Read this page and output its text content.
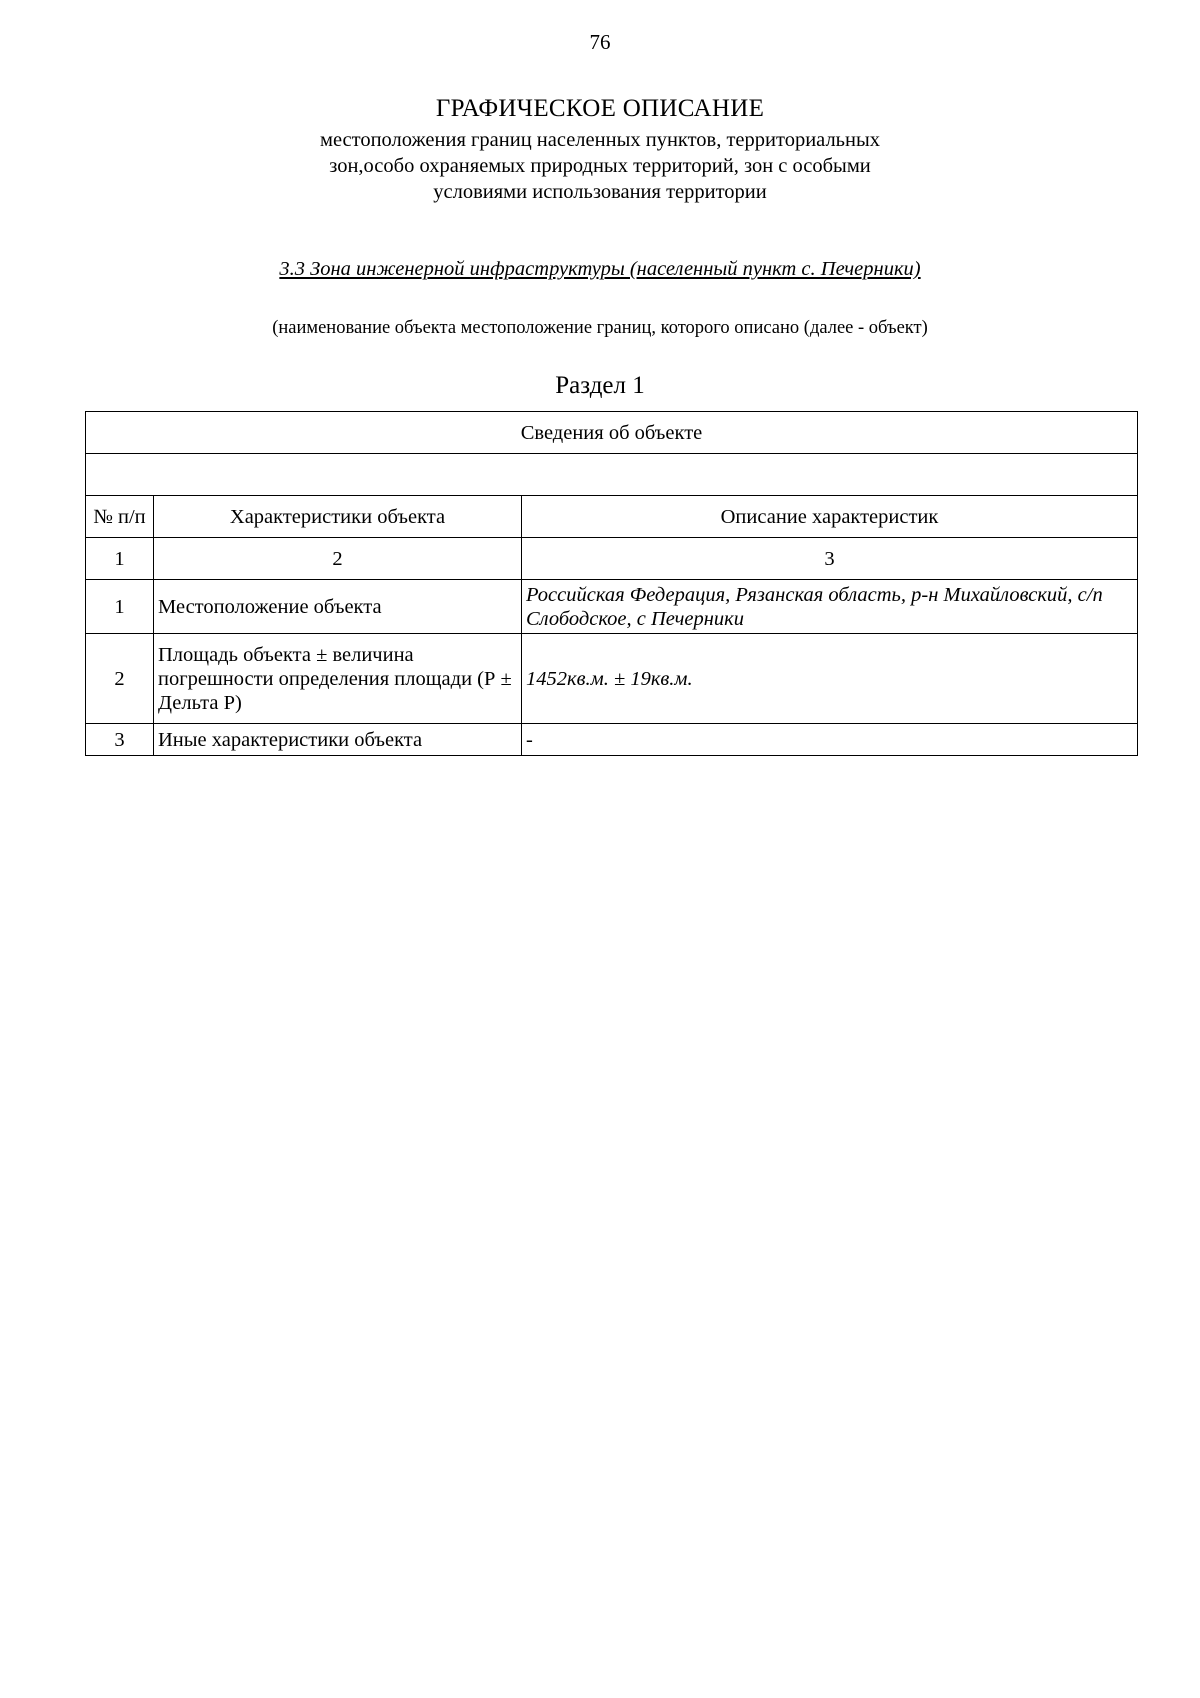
76
ГРАФИЧЕСКОЕ ОПИСАНИЕ
местоположения границ населенных пунктов, территориальных зон,особо охраняемых природных территорий, зон с особыми условиями использования территории
3.3 Зона инженерной инфраструктуры (населенный пункт с. Печерники)
(наименование объекта местоположение границ, которого описано (далее - объект)
Раздел 1
Сведения об объекте		

№ п/п	Характеристики объекта	Описание характеристик
1	2	3
1	Местоположение объекта	Российская Федерация, Рязанская область, р-н Михайловский, с/п Слободское, с Печерники
2	Площадь объекта ± величина погрешности определения площади (Р ± Дельта Р)	1452кв.м. ± 19кв.м.
3	Иные характеристики объекта	-
